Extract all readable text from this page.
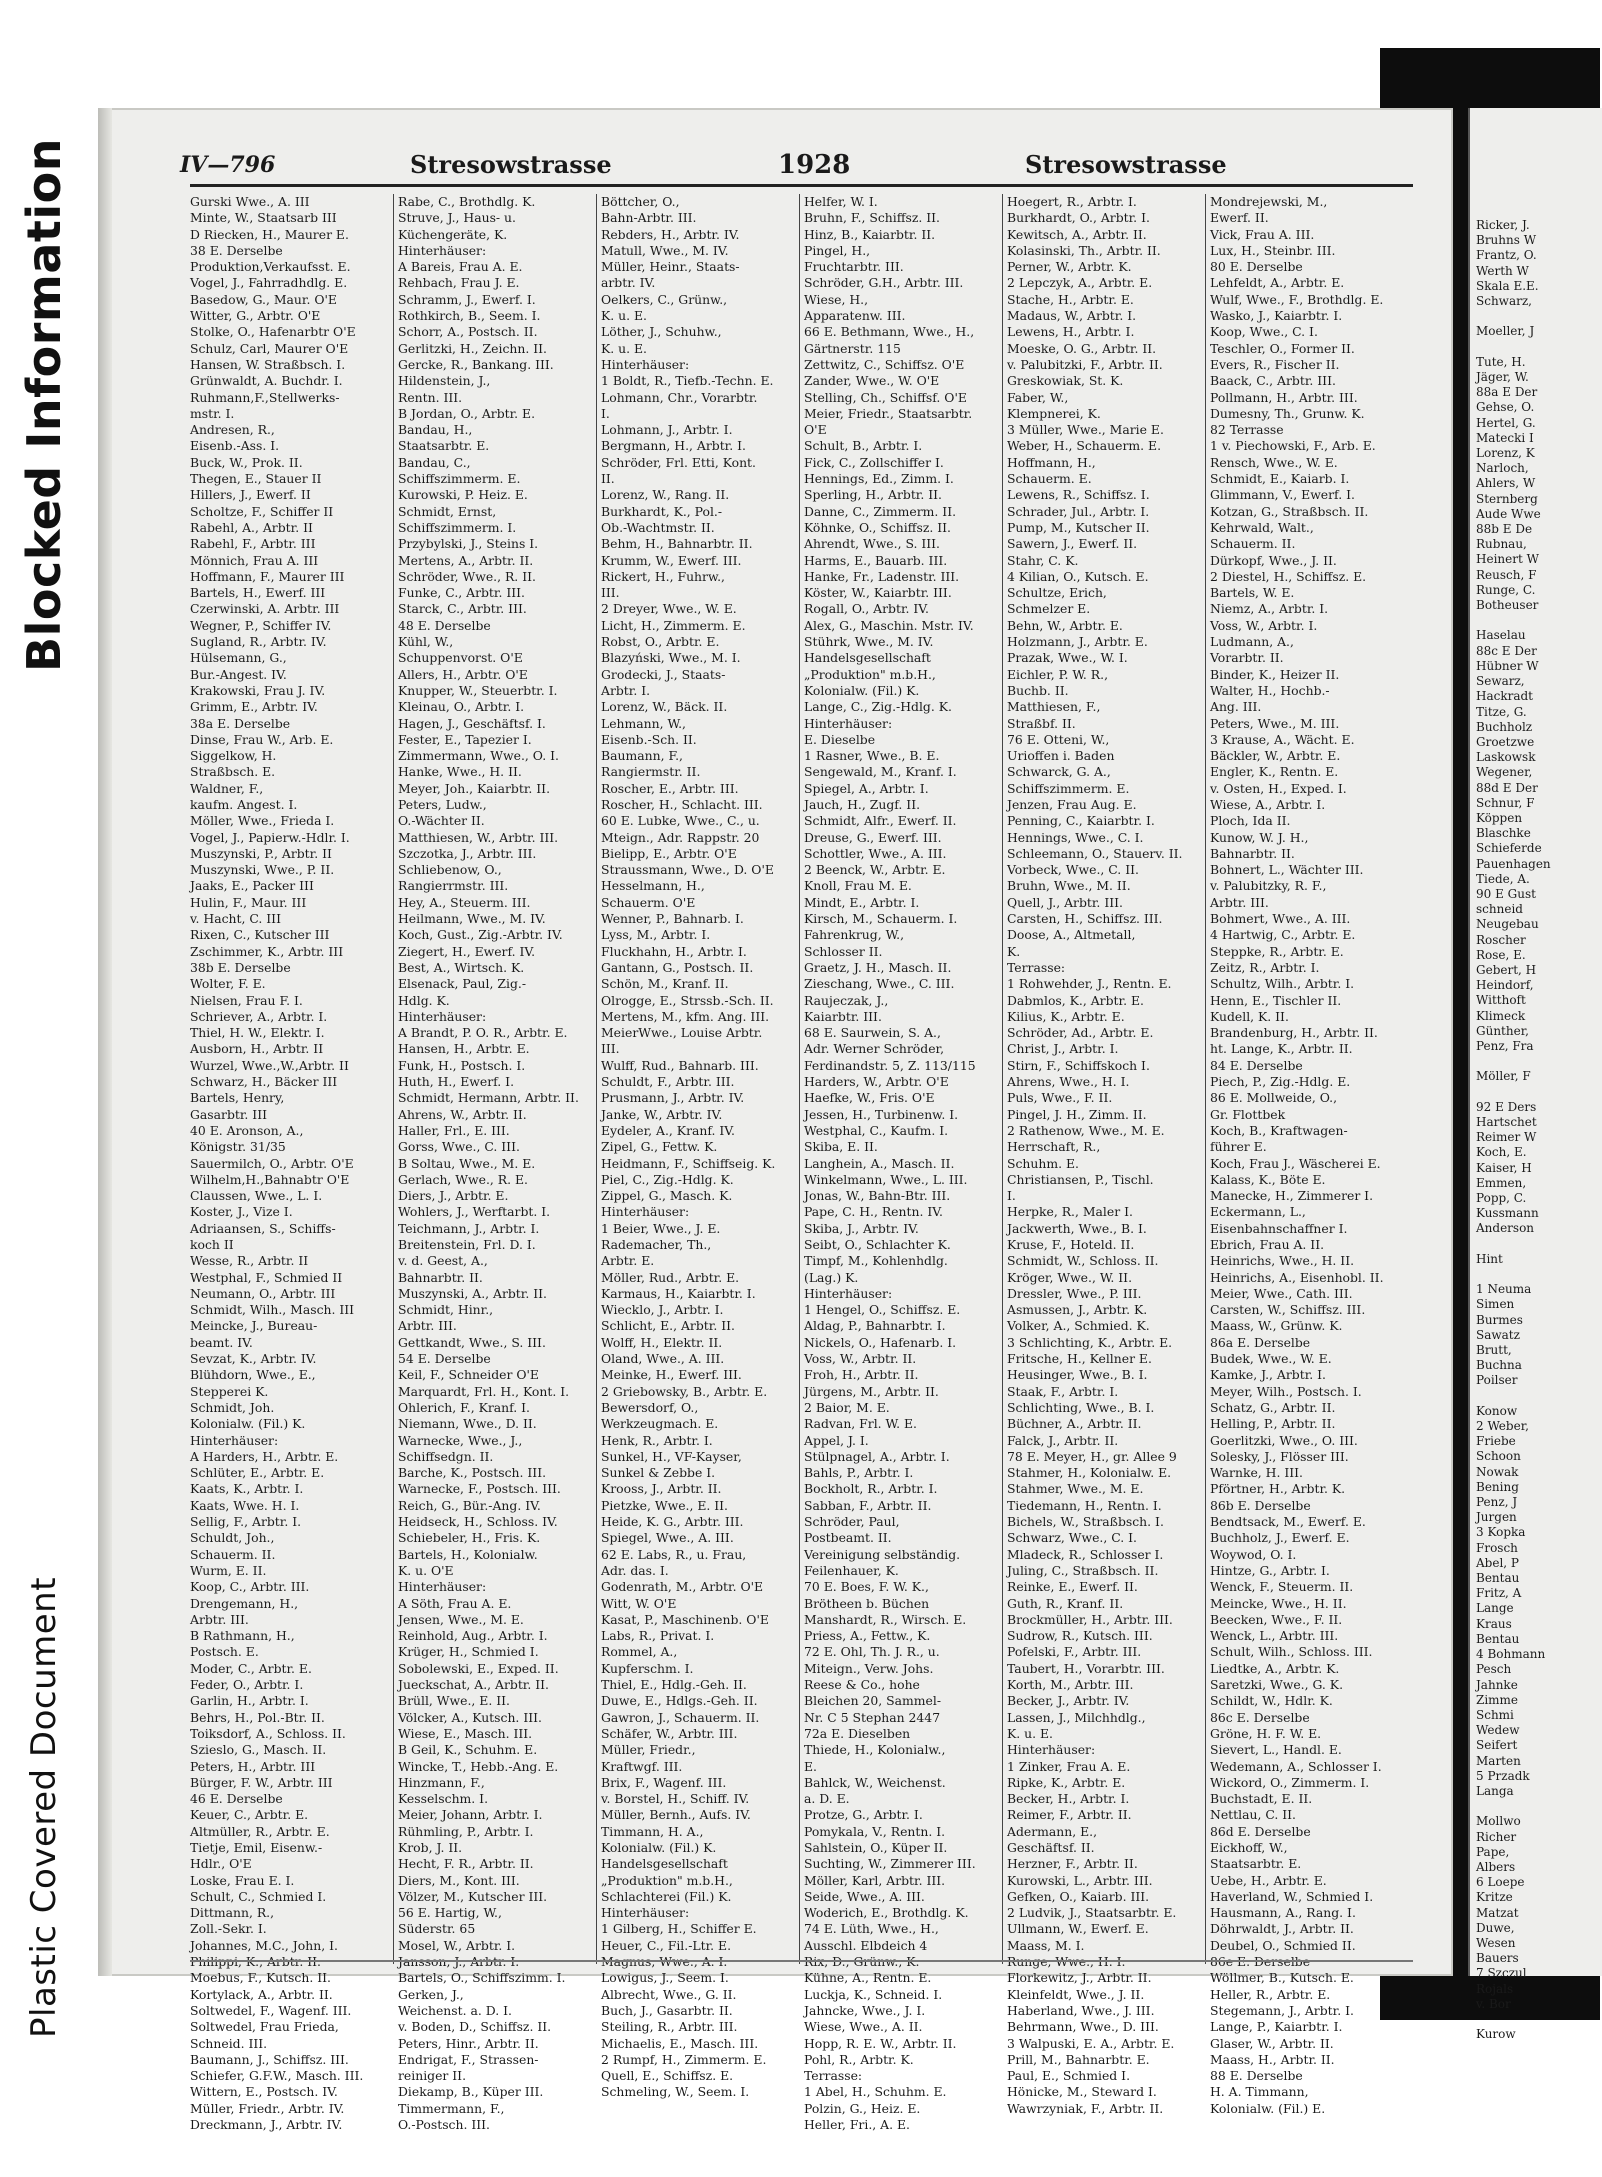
Plastic Covered Document
Blocked Information	Ricker, J.
Bruhns W
Frantz, O.
Werth W
Skala E.E.
Schwarz,

Moeller, J

Tute, H.
Jäger, W.
88a E Der
Gehse, O.
Hertel, G.
Matecki I
Lorenz, K
Narloch,
Ahlers, W
Sternberg
Aude Wwe
88b E De
Rubnau,
Heinert W
Reusch, F
Runge, C.
Botheuser

Haselau
88c E Der
Hübner W
Sewarz,
Hackradt
Titze, G.
Buchholz
Groetzwe
Laskowsk
Wegener,
88d E Der
Schnur, F
Köppen
Blaschke
Schieferde
Pauenhagen
Tiede, A.
90 E Gust
schneid
Neugebau
Roscher
Rose, E.
Gebert, H
Heindorf,
Witthoft
Klimeck
Günther,
Penz, Fra

Möller, F

92 E Ders
Hartschet
Reimer W
Koch, E.
Kaiser, H
Emmen,
Popp, C.
Kussmann
Anderson

Hint

1 Neuma
Simen
Burmes
Sawatz
Brutt,
Buchna
Poilser

Konow
2 Weber,
Friebe
Schoon
Nowak
Bening
Penz, J
Jurgen
3 Kopka
Frosch
Abel, P
Bentau
Fritz, A
Lange
Kraus
Bentau
4 Bohmann
Pesch
Jahnke
Zimme
Schmi
Wedew
Seifert
Marten
5 Przadk
Langa

Mollwo
Richer
Pape,
Albers
6 Loepe
Kritze
Matzat
Duwe,
Wesen
Bauers
7 Szczul
Rojals
v. Bor

Kurow
IV—796	Stresowstrasse	1928	Stresowstrasse
Gurski Wwe., A. III
Minte, W., Staatsarb III
D Riecken, H., Maurer E.
38 E. Derselbe
Produktion,Verkaufsst. E.
Vogel, J., Fahrradhdlg. E.
Basedow, G., Maur. O'E
Witter, G., Arbtr. O'E
Stolke, O., Hafenarbtr O'E
Schulz, Carl, Maurer O'E
Hansen, W. Straßbsch. I.
Grünwaldt, A. Buchdr. I.
Ruhmann,F.,Stellwerks-
mstr. I.
Andresen, R.,
Eisenb.-Ass. I.
Buck, W., Prok. II.
Thegen, E., Stauer II
Hillers, J., Ewerf. II
Scholtze, F., Schiffer II
Rabehl, A., Arbtr. II
Rabehl, F., Arbtr. III
Mönnich, Frau A. III
Hoffmann, F., Maurer III
Bartels, H., Ewerf. III
Czerwinski, A. Arbtr. III
Wegner, P., Schiffer IV.
Sugland, R., Arbtr. IV.
Hülsemann, G.,
Bur.-Angest. IV.
Krakowski, Frau J. IV.
Grimm, E., Arbtr. IV.
38a E. Derselbe
Dinse, Frau W., Arb. E.
Siggelkow, H.
Straßbsch. E.
Waldner, F.,
kaufm. Angest. I.
Möller, Wwe., Frieda I.
Vogel, J., Papierw.-Hdlr. I.
Muszynski, P., Arbtr. II
Muszynski, Wwe., P. II.
Jaaks, E., Packer III
Hulin, F., Maur. III
v. Hacht, C. III
Rixen, C., Kutscher III
Zschimmer, K., Arbtr. III
38b E. Derselbe
Wolter, F. E.
Nielsen, Frau F. I.
Schriever, A., Arbtr. I.
Thiel, H. W., Elektr. I.
Ausborn, H., Arbtr. II
Wurzel, Wwe.,W.,Arbtr. II
Schwarz, H., Bäcker III
Bartels, Henry,
Gasarbtr. III
40 E. Aronson, A.,
Königstr. 31/35
Sauermilch, O., Arbtr. O'E
Wilhelm,H.,Bahnabtr O'E
Claussen, Wwe., L. I.
Koster, J., Vize I.
Adriaansen, S., Schiffs-
koch II
Wesse, R., Arbtr. II
Westphal, F., Schmied II
Neumann, O., Arbtr. III
Schmidt, Wilh., Masch. III
Meincke, J., Bureau-
beamt. IV.
Sevzat, K., Arbtr. IV.
Blühdorn, Wwe., E.,
Stepperei K.
Schmidt, Joh.
Kolonialw. (Fil.) K.
Hinterhäuser:
A Harders, H., Arbtr. E.
Schlüter, E., Arbtr. E.
Kaats, K., Arbtr. I.
Kaats, Wwe. H. I.
Sellig, F., Arbtr. I.
Schuldt, Joh.,
Schauerm. II.
Wurm, E. II.
Koop, C., Arbtr. III.
Drengemann, H.,
Arbtr. III.
B Rathmann, H.,
Postsch. E.
Moder, C., Arbtr. E.
Feder, O., Arbtr. I.
Garlin, H., Arbtr. I.
Behrs, H., Pol.-Btr. II.
Toiksdorf, A., Schloss. II.
Szieslo, G., Masch. II.
Peters, H., Arbtr. III
Bürger, F. W., Arbtr. III
46 E. Derselbe
Keuer, C., Arbtr. E.
Altmüller, R., Arbtr. E.
Tietje, Emil, Eisenw.-
Hdlr., O'E
Loske, Frau E. I.
Schult, C., Schmied I.
Dittmann, R.,
Zoll.-Sekr. I.
Johannes, M.C., John, I.
Philippi, K., Arbtr. II.
Moebus, F., Kutsch. II.
Kortylack, A., Arbtr. II.
Soltwedel, F., Wagenf. III.
Soltwedel, Frau Frieda,
Schneid. III.
Baumann, J., Schiffsz. III.
Schiefer, G.F.W., Masch. III.
Wittern, E., Postsch. IV.
Müller, Friedr., Arbtr. IV.
Dreckmann, J., Arbtr. IV.
Rabe, C., Brothdlg. K.
Struve, J., Haus- u.
Küchengeräte, K.
Hinterhäuser:
A Bareis, Frau A. E.
Rehbach, Frau J. E.
Schramm, J., Ewerf. I.
Rothkirch, B., Seem. I.
Schorr, A., Postsch. II.
Gerlitzki, H., Zeichn. II.
Gercke, R., Bankang. III.
Hildenstein, J.,
Rentn. III.
B Jordan, O., Arbtr. E.
Bandau, H.,
Staatsarbtr. E.
Bandau, C.,
Schiffszimmerm. E.
Kurowski, P. Heiz. E.
Schmidt, Ernst,
Schiffszimmerm. I.
Przybylski, J., Steins I.
Mertens, A., Arbtr. II.
Schröder, Wwe., R. II.
Funke, C., Arbtr. III.
Starck, C., Arbtr. III.
48 E. Derselbe
Kühl, W.,
Schuppenvorst. O'E
Allers, H., Arbtr. O'E
Knupper, W., Steuerbtr. I.
Kleinau, O., Arbtr. I.
Hagen, J., Geschäftsf. I.
Fester, E., Tapezier I.
Zimmermann, Wwe., O. I.
Hanke, Wwe., H. II.
Meyer, Joh., Kaiarbtr. II.
Peters, Ludw.,
O.-Wächter II.
Matthiesen, W., Arbtr. III.
Szczotka, J., Arbtr. III.
Schliebenow, O.,
Rangierrmstr. III.
Hey, A., Steuerm. III.
Heilmann, Wwe., M. IV.
Koch, Gust., Zig.-Arbtr. IV.
Ziegert, H., Ewerf. IV.
Best, A., Wirtsch. K.
Elsenack, Paul, Zig.-
Hdlg. K.
Hinterhäuser:
A Brandt, P. O. R., Arbtr. E.
Hansen, H., Arbtr. E.
Funk, H., Postsch. I.
Huth, H., Ewerf. I.
Schmidt, Hermann, Arbtr. II.
Ahrens, W., Arbtr. II.
Haller, Frl., E. III.
Gorss, Wwe., C. III.
B Soltau, Wwe., M. E.
Gerlach, Wwe., R. E.
Diers, J., Arbtr. E.
Wohlers, J., Werftarbt. I.
Teichmann, J., Arbtr. I.
Breitenstein, Frl. D. I.
v. d. Geest, A.,
Bahnarbtr. II.
Muszynski, A., Arbtr. II.
Schmidt, Hinr.,
Arbtr. III.
Gettkandt, Wwe., S. III.
54 E. Derselbe
Keil, F., Schneider O'E
Marquardt, Frl. H., Kont. I.
Ohlerich, F., Kranf. I.
Niemann, Wwe., D. II.
Warnecke, Wwe., J.,
Schiffsedgn. II.
Barche, K., Postsch. III.
Warnecke, F., Postsch. III.
Reich, G., Bür.-Ang. IV.
Heidseck, H., Schloss. IV.
Schiebeler, H., Fris. K.
Bartels, H., Kolonialw.
K. u. O'E
Hinterhäuser:
A Söth, Frau A. E.
Jensen, Wwe., M. E.
Reinhold, Aug., Arbtr. I.
Krüger, H., Schmied I.
Sobolewski, E., Exped. II.
Jueckschat, A., Arbtr. II.
Brüll, Wwe., E. II.
Völcker, A., Kutsch. III.
Wiese, E., Masch. III.
B Geil, K., Schuhm. E.
Wincke, T., Hebb.-Ang. E.
Hinzmann, F.,
Kesselschm. I.
Meier, Johann, Arbtr. I.
Rühmling, P., Arbtr. I.
Krob, J. II.
Hecht, F. R., Arbtr. II.
Diers, M., Kont. III.
Völzer, M., Kutscher III.
56 E. Hartig, W.,
Süderstr. 65
Mosel, W., Arbtr. I.
Jansson, J., Arbtr. I.
Bartels, O., Schiffszimm. I.
Gerken, J.,
Weichenst. a. D. I.
v. Boden, D., Schiffsz. II.
Peters, Hinr., Arbtr. II.
Endrigat, F., Strassen-
reiniger II.
Diekamp, B., Küper III.
Timmermann, F.,
O.-Postsch. III.
Böttcher, O.,
Bahn-Arbtr. III.
Rebders, H., Arbtr. IV.
Matull, Wwe., M. IV.
Müller, Heinr., Staats-
arbtr. IV.
Oelkers, C., Grünw.,
K. u. E.
Löther, J., Schuhw.,
K. u. E.
Hinterhäuser:
1 Boldt, R., Tiefb.-Techn. E.
Lohmann, Chr., Vorarbtr.
I.
Lohmann, J., Arbtr. I.
Bergmann, H., Arbtr. I.
Schröder, Frl. Etti, Kont.
II.
Lorenz, W., Rang. II.
Burkhardt, K., Pol.-
Ob.-Wachtmstr. II.
Behm, H., Bahnarbtr. II.
Krumm, W., Ewerf. III.
Rickert, H., Fuhrw.,
III.
2 Dreyer, Wwe., W. E.
Licht, H., Zimmerm. E.
Robst, O., Arbtr. E.
Blazyński, Wwe., M. I.
Grodecki, J., Staats-
Arbtr. I.
Lorenz, W., Bäck. II.
Lehmann, W.,
Eisenb.-Sch. II.
Baumann, F.,
Rangiermstr. II.
Roscher, E., Arbtr. III.
Roscher, H., Schlacht. III.
60 E. Lubke, Wwe., C., u.
Mteign., Adr. Rappstr. 20
Bielipp, E., Arbtr. O'E
Straussmann, Wwe., D. O'E
Hesselmann, H.,
Schauerm. O'E
Wenner, P., Bahnarb. I.
Lyss, M., Arbtr. I.
Fluckhahn, H., Arbtr. I.
Gantann, G., Postsch. II.
Schön, M., Kranf. II.
Olrogge, E., Strssb.-Sch. II.
Mertens, M., kfm. Ang. III.
MeierWwe., Louise Arbtr.
III.
Wulff, Rud., Bahnarb. III.
Schuldt, F., Arbtr. III.
Prusmann, J., Arbtr. IV.
Janke, W., Arbtr. IV.
Eydeler, A., Kranf. IV.
Zipel, G., Fettw. K.
Heidmann, F., Schiffseig. K.
Piel, C., Zig.-Hdlg. K.
Zippel, G., Masch. K.
Hinterhäuser:
1 Beier, Wwe., J. E.
Rademacher, Th.,
Arbtr. E.
Möller, Rud., Arbtr. E.
Karmaus, H., Kaiarbtr. I.
Wiecklo, J., Arbtr. I.
Schlicht, E., Arbtr. II.
Wolff, H., Elektr. II.
Oland, Wwe., A. III.
Meinke, H., Ewerf. III.
2 Griebowsky, B., Arbtr. E.
Bewersdorf, O.,
Werkzeugmach. E.
Henk, R., Arbtr. I.
Sunkel, H., VF-Kayser,
Sunkel & Zebbe I.
Krooss, J., Arbtr. II.
Pietzke, Wwe., E. II.
Heide, K. G., Arbtr. III.
Spiegel, Wwe., A. III.
62 E. Labs, R., u. Frau,
Adr. das. I.
Godenrath, M., Arbtr. O'E
Witt, W. O'E
Kasat, P., Maschinenb. O'E
Labs, R., Privat. I.
Rommel, A.,
Kupferschm. I.
Thiel, E., Hdlg.-Geh. II.
Duwe, E., Hdlgs.-Geh. II.
Gawron, J., Schauerm. II.
Schäfer, W., Arbtr. III.
Müller, Friedr.,
Kraftwgf. III.
Brix, F., Wagenf. III.
v. Borstel, H., Schiff. IV.
Müller, Bernh., Aufs. IV.
Timmann, H. A.,
Kolonialw. (Fil.) K.
Handelsgesellschaft
„Produktion" m.b.H.,
Schlachterei (Fil.) K.
Hinterhäuser:
1 Gilberg, H., Schiffer E.
Heuer, C., Fil.-Ltr. E.
Magnus, Wwe., A. I.
Lowigus, J., Seem. I.
Albrecht, Wwe., G. II.
Buch, J., Gasarbtr. II.
Steiling, R., Arbtr. III.
Michaelis, E., Masch. III.
2 Rumpf, H., Zimmerm. E.
Quell, E., Schiffsz. E.
Schmeling, W., Seem. I.
Helfer, W. I.
Bruhn, F., Schiffsz. II.
Hinz, B., Kaiarbtr. II.
Pingel, H.,
Fruchtarbtr. III.
Schröder, G.H., Arbtr. III.
Wiese, H.,
Apparatenw. III.
66 E. Bethmann, Wwe., H.,
Gärtnerstr. 115
Zettwitz, C., Schiffsz. O'E
Zander, Wwe., W. O'E
Stelling, Ch., Schiffsf. O'E
Meier, Friedr., Staatsarbtr.
O'E
Schult, B., Arbtr. I.
Fick, C., Zollschiffer I.
Hennings, Ed., Zimm. I.
Sperling, H., Arbtr. II.
Danne, C., Zimmerm. II.
Köhnke, O., Schiffsz. II.
Ahrendt, Wwe., S. III.
Harms, E., Bauarb. III.
Hanke, Fr., Ladenstr. III.
Köster, W., Kaiarbtr. III.
Rogall, O., Arbtr. IV.
Alex, G., Maschin. Mstr. IV.
Stührk, Wwe., M. IV.
Handelsgesellschaft
„Produktion" m.b.H.,
Kolonialw. (Fil.) K.
Lange, C., Zig.-Hdlg. K.
Hinterhäuser:
E. Dieselbe
1 Rasner, Wwe., B. E.
Sengewald, M., Kranf. I.
Spiegel, A., Arbtr. I.
Jauch, H., Zugf. II.
Schmidt, Alfr., Ewerf. II.
Dreuse, G., Ewerf. III.
Schottler, Wwe., A. III.
2 Beenck, W., Arbtr. E.
Knoll, Frau M. E.
Mindt, E., Arbtr. I.
Kirsch, M., Schauerm. I.
Fahrenkrug, W.,
Schlosser II.
Graetz, J. H., Masch. II.
Zieschang, Wwe., C. III.
Raujeczak, J.,
Kaiarbtr. III.
68 E. Saurwein, S. A.,
Adr. Werner Schröder,
Ferdinandstr. 5, Z. 113/115
Harders, W., Arbtr. O'E
Haefke, W., Fris. O'E
Jessen, H., Turbinenw. I.
Westphal, C., Kaufm. I.
Skiba, E. II.
Langhein, A., Masch. II.
Winkelmann, Wwe., L. III.
Jonas, W., Bahn-Btr. III.
Pape, C. H., Rentn. IV.
Skiba, J., Arbtr. IV.
Seibt, O., Schlachter K.
Timpf, M., Kohlenhdlg.
(Lag.) K.
Hinterhäuser:
1 Hengel, O., Schiffsz. E.
Aldag, P., Bahnarbtr. I.
Nickels, O., Hafenarb. I.
Voss, W., Arbtr. II.
Froh, H., Arbtr. II.
Jürgens, M., Arbtr. II.
2 Baior, M. E.
Radvan, Frl. W. E.
Appel, J. I.
Stülpnagel, A., Arbtr. I.
Bahls, P., Arbtr. I.
Bockholt, R., Arbtr. I.
Sabban, F., Arbtr. II.
Schröder, Paul,
Postbeamt. II.
Vereinigung selbständig.
Feilenhauer, K.
70 E. Boes, F. W. K.,
Brötheen b. Büchen
Manshardt, R., Wirsch. E.
Priess, A., Fettw., K.
72 E. Ohl, Th. J. R., u.
Miteign., Verw. Johs.
Reese & Co., hohe
Bleichen 20, Sammel-
Nr. C 5 Stephan 2447
72a E. Dieselben
Thiede, H., Kolonialw.,
E.
Bahlck, W., Weichenst.
a. D. E.
Protze, G., Arbtr. I.
Pomykala, V., Rentn. I.
Sahlstein, O., Küper II.
Suchting, W., Zimmerer III.
Möller, Karl, Arbtr. III.
Seide, Wwe., A. III.
Woderich, E., Brothdlg. K.
74 E. Lüth, Wwe., H.,
Ausschl. Elbdeich 4
Rix, D., Grünw., K.
Kühne, A., Rentn. E.
Luckja, K., Schneid. I.
Jahncke, Wwe., J. I.
Wiese, Wwe., A. II.
Hopp, R. E. W., Arbtr. II.
Pohl, R., Arbtr. K.
Terrasse:
1 Abel, H., Schuhm. E.
Polzin, G., Heiz. E.
Heller, Fri., A. E.
Hoegert, R., Arbtr. I.
Burkhardt, O., Arbtr. I.
Kewitsch, A., Arbtr. II.
Kolasinski, Th., Arbtr. II.
Perner, W., Arbtr. K.
2 Lepczyk, A., Arbtr. E.
Stache, H., Arbtr. E.
Madaus, W., Arbtr. I.
Lewens, H., Arbtr. I.
Moeske, O. G., Arbtr. II.
v. Palubitzki, F., Arbtr. II.
Greskowiak, St. K.
Faber, W.,
Klempnerei, K.
3 Müller, Wwe., Marie E.
Weber, H., Schauerm. E.
Hoffmann, H.,
Schauerm. E.
Lewens, R., Schiffsz. I.
Schrader, Jul., Arbtr. I.
Pump, M., Kutscher II.
Sawern, J., Ewerf. II.
Stahr, C. K.
4 Kilian, O., Kutsch. E.
Schultze, Erich,
Schmelzer E.
Behn, W., Arbtr. E.
Holzmann, J., Arbtr. E.
Prazak, Wwe., W. I.
Eichler, P. W. R.,
Buchb. II.
Matthiesen, F.,
Straßbf. II.
76 E. Otteni, W.,
Urioffen i. Baden
Schwarck, G. A.,
Schiffszimmerm. E.
Jenzen, Frau Aug. E.
Penning, C., Kaiarbtr. I.
Hennings, Wwe., C. I.
Schleemann, O., Stauerv. II.
Vorbeck, Wwe., C. II.
Bruhn, Wwe., M. II.
Quell, J., Arbtr. III.
Carsten, H., Schiffsz. III.
Doose, A., Altmetall,
K.
Terrasse:
1 Rohwehder, J., Rentn. E.
Dabmlos, K., Arbtr. E.
Kilius, K., Arbtr. E.
Schröder, Ad., Arbtr. E.
Christ, J., Arbtr. I.
Stirn, F., Schiffskoch I.
Ahrens, Wwe., H. I.
Puls, Wwe., F. II.
Pingel, J. H., Zimm. II.
2 Rathenow, Wwe., M. E.
Herrschaft, R.,
Schuhm. E.
Christiansen, P., Tischl.
I.
Herpke, R., Maler I.
Jackwerth, Wwe., B. I.
Kruse, F., Hoteld. II.
Schmidt, W., Schloss. II.
Kröger, Wwe., W. II.
Dressler, Wwe., P. III.
Asmussen, J., Arbtr. K.
Volker, A., Schmied. K.
3 Schlichting, K., Arbtr. E.
Fritsche, H., Kellner E.
Heusinger, Wwe., B. I.
Staak, F., Arbtr. I.
Schlichting, Wwe., B. I.
Büchner, A., Arbtr. II.
Falck, J., Arbtr. II.
78 E. Meyer, H., gr. Allee 9
Stahmer, H., Kolonialw. E.
Stahmer, Wwe., M. E.
Tiedemann, H., Rentn. I.
Bichels, W., Straßbsch. I.
Schwarz, Wwe., C. I.
Mladeck, R., Schlosser I.
Juling, C., Straßbsch. II.
Reinke, E., Ewerf. II.
Guth, R., Kranf. II.
Brockmüller, H., Arbtr. III.
Sudrow, R., Kutsch. III.
Pofelski, F., Arbtr. III.
Taubert, H., Vorarbtr. III.
Korth, M., Arbtr. III.
Becker, J., Arbtr. IV.
Lassen, J., Milchhdlg.,
K. u. E.
Hinterhäuser:
1 Zinker, Frau A. E.
Ripke, K., Arbtr. E.
Becker, H., Arbtr. I.
Reimer, F., Arbtr. II.
Adermann, E.,
Geschäftsf. II.
Herzner, F., Arbtr. II.
Kurowski, L., Arbtr. III.
Gefken, O., Kaiarb. III.
2 Ludvik, J., Staatsarbtr. E.
Ullmann, W., Ewerf. E.
Maass, M. I.
Runge, Wwe., H. I.
Florkewitz, J., Arbtr. II.
Kleinfeldt, Wwe., J. II.
Haberland, Wwe., J. III.
Behrmann, Wwe., D. III.
3 Walpuski, E. A., Arbtr. E.
Prill, M., Bahnarbtr. E.
Paul, E., Schmied I.
Hönicke, M., Steward I.
Wawrzyniak, F., Arbtr. II.
Mondrejewski, M.,
Ewerf. II.
Vick, Frau A. III.
Lux, H., Steinbr. III.
80 E. Derselbe
Lehfeldt, A., Arbtr. E.
Wulf, Wwe., F., Brothdlg. E.
Wasko, J., Kaiarbtr. I.
Koop, Wwe., C. I.
Teschler, O., Former II.
Evers, R., Fischer II.
Baack, C., Arbtr. III.
Pollmann, H., Arbtr. III.
Dumesny, Th., Grunw. K.
82 Terrasse
1 v. Piechowski, F., Arb. E.
Rensch, Wwe., W. E.
Schmidt, E., Kaiarb. I.
Glimmann, V., Ewerf. I.
Kotzan, G., Straßbsch. II.
Kehrwald, Walt.,
Schauerm. II.
Dürkopf, Wwe., J. II.
2 Diestel, H., Schiffsz. E.
Bartels, W. E.
Niemz, A., Arbtr. I.
Voss, W., Arbtr. I.
Ludmann, A.,
Vorarbtr. II.
Binder, K., Heizer II.
Walter, H., Hochb.-
Ang. III.
Peters, Wwe., M. III.
3 Krause, A., Wächt. E.
Bäckler, W., Arbtr. E.
Engler, K., Rentn. E.
v. Osten, H., Exped. I.
Wiese, A., Arbtr. I.
Ploch, Ida II.
Kunow, W. J. H.,
Bahnarbtr. II.
Bohnert, L., Wächter III.
v. Palubitzky, R. F.,
Arbtr. III.
Bohmert, Wwe., A. III.
4 Hartwig, C., Arbtr. E.
Steppke, R., Arbtr. E.
Zeitz, R., Arbtr. I.
Schultz, Wilh., Arbtr. I.
Henn, E., Tischler II.
Kudell, K. II.
Brandenburg, H., Arbtr. II.
ht. Lange, K., Arbtr. II.
84 E. Derselbe
Piech, P., Zig.-Hdlg. E.
86 E. Mollweide, O.,
Gr. Flottbek
Koch, B., Kraftwagen-
führer E.
Koch, Frau J., Wäscherei E.
Kalass, K., Böte E.
Manecke, H., Zimmerer I.
Eckermann, L.,
Eisenbahnschaffner I.
Ebrich, Frau A. II.
Heinrichs, Wwe., H. II.
Heinrichs, A., Eisenhobl. II.
Meier, Wwe., Cath. III.
Carsten, W., Schiffsz. III.
Maass, W., Grünw. K.
86a E. Derselbe
Budek, Wwe., W. E.
Kamke, J., Arbtr. I.
Meyer, Wilh., Postsch. I.
Schatz, G., Arbtr. II.
Helling, P., Arbtr. II.
Goerlitzki, Wwe., O. III.
Solesky, J., Flösser III.
Warnke, H. III.
Pförtner, H., Arbtr. K.
86b E. Derselbe
Bendtsack, M., Ewerf. E.
Buchholz, J., Ewerf. E.
Woywod, O. I.
Hintze, G., Arbtr. I.
Wenck, F., Steuerm. II.
Meincke, Wwe., H. II.
Beecken, Wwe., F. II.
Wenck, L., Arbtr. III.
Schult, Wilh., Schloss. III.
Liedtke, A., Arbtr. K.
Saretzki, Wwe., G. K.
Schildt, W., Hdlr. K.
86c E. Derselbe
Gröne, H. F. W. E.
Sievert, L., Handl. E.
Wedemann, A., Schlosser I.
Wickord, O., Zimmerm. I.
Buchstadt, E. II.
Nettlau, C. II.
86d E. Derselbe
Eickhoff, W.,
Staatsarbtr. E.
Uebe, H., Arbtr. E.
Haverland, W., Schmied I.
Hausmann, A., Rang. I.
Döhrwaldt, J., Arbtr. II.
Deubel, O., Schmied II.
86e E. Derselbe
Wöllmer, B., Kutsch. E.
Heller, R., Arbtr. E.
Stegemann, J., Arbtr. I.
Lange, P., Kaiarbtr. I.
Glaser, W., Arbtr. II.
Maass, H., Arbtr. II.
88 E. Derselbe
H. A. Timmann,
Kolonialw. (Fil.) E.
